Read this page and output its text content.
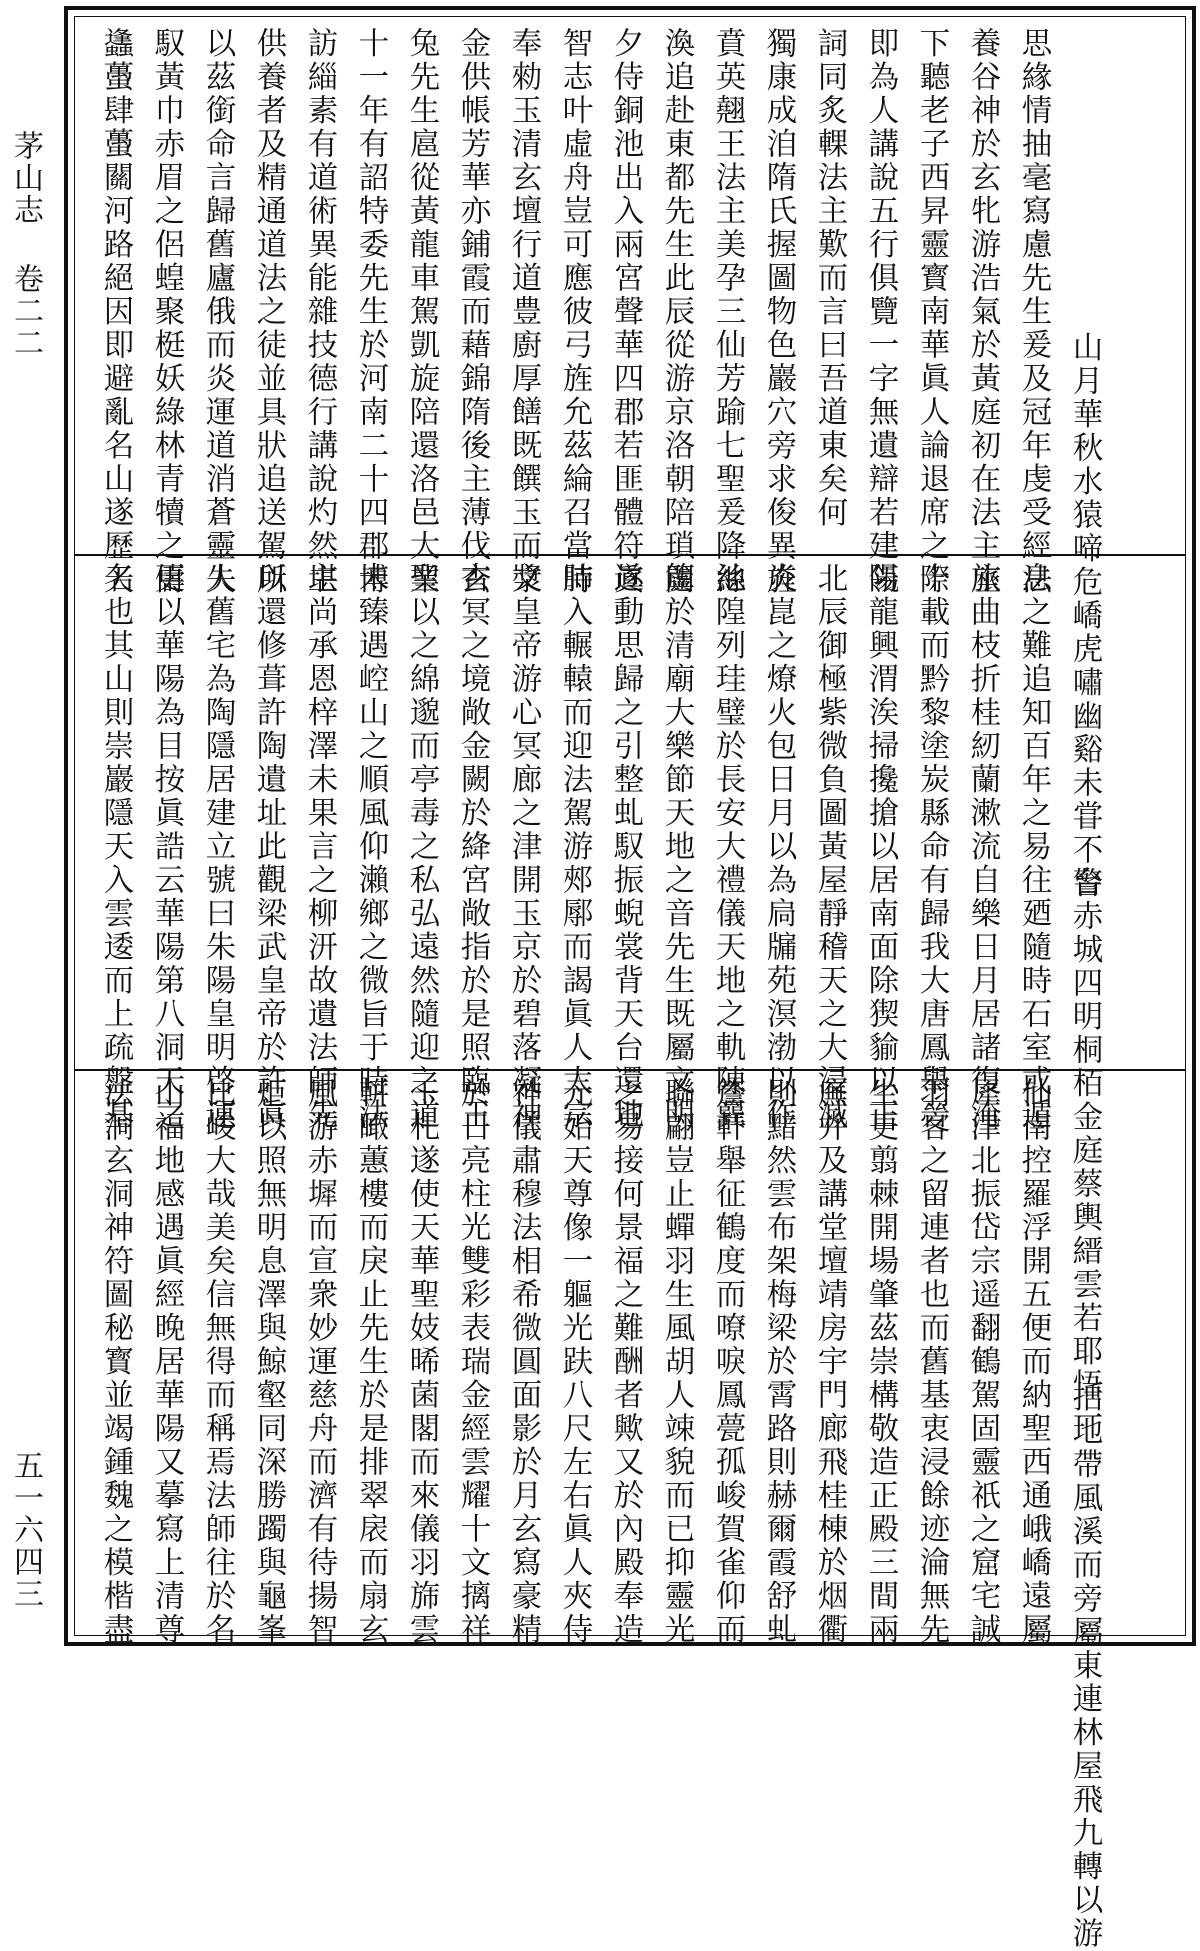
茅山志 卷二二
五一六四三

山月華秋水猿啼危嶠虎嘯幽谿未甞不警
思緣情抽毫寫慮先生爰及冠年虔受經法
養谷神於玄牝游浩氣於黃庭初在法主座
下聽老子西昇靈寳南華眞人論退席之際
即為人講說五行俱覽一字無遺辯若建瓴
詞同炙輠法主歎而言曰吾道東矣何
獨康成洎隋氏握圖物色巖穴旁求俊異旌
賁英翹王法主美孕三仙芳踰七聖爰降絲
渙追赴東都先生此辰從游京洛朝陪瑣闥
夕侍銅池出入兩宮聲華四郡若匪體符眞
智志叶虛舟豈可應彼弓旌允茲綸召當時
奉勑玉清玄壇行道豊廚厚饍既饌玉而漿
金供帳芳華亦鋪霞而藉錦隋後主薄伐玄
兔先生扈從黃龍車駕凱旋陪還洛邑大業
十一年有詔特委先生於河南二十四郡博
訪緇素有道術異能雜技德行講說灼然堪
供養者及精通道法之徒並具狀追送駕所
以茲銜命言歸舊廬俄而炎運道消蒼靈失
馭黃巾赤眉之侶蝗聚梃妖綠林青犢之儔
蠭蠆肆蠆關河路絕因即避亂名山遂歷天

台赤城四明桐栢金庭蔡輿縉雲若耶悟一
息之難追知百年之易往廼隨時石室或遁
旅曲枝折桂紉蘭漱流自樂日月居諸復淹
十載而黔黎塗炭縣命有歸我大唐鳳舉晉
陽龍興渭涘掃攙搶以居南面除猰貐以正
北辰御極紫微負圖黃屋靜稽天之大浸滅
炎崑之燎火包日月以為扃牖苑溟渤以作
池隍列珪璧於長安大禮儀天地之軌陳簨
簴於清廟大樂節天地之音先生既屬文明
遂動思歸之引整虬馭振蜺裳背天台還地
肺入輾轅而迎法駕游郟鄏而謁眞人太宗
文皇帝游心冥廊之津開玉京於碧落凝神
杳冥之境敞金闕於絳宮敞指於是照臨王
聖以之綿邈而亭毒之私弘遠然隨迎之道
未臻遇崆山之順風仰瀨鄉之微旨于時法
主尚承恩梓澤未果言之柳汧故遺法師先
以還修葺許陶遺址此觀梁武皇帝於許眞
人舊宅為陶隱居建立號曰朱陽皇明啓運
更以華陽為目按眞誥云華陽第八洞天之
名也其山則崇巖隱天入雲逶而上疏盤基

括地帶風溪而旁屬東連林屋飛九轉以游
仙南控羅浮開五便而納聖西通峨嶠遠屬
犀津北振岱宗遥翻鶴駕固靈祇之窟宅誠
羽客之留連者也而舊基衷浸餘迹淪無先
生更翦棘開場肇茲崇構敬造正殿三間兩
廡并及講堂壇靖房宇門廊飛桂棟於烟衢
則黯然雲布架梅梁於霄路則赫爾霞舒虬
簷軒舉征鶴度而嘹唳鳳甍孤峻賀雀仰而
聯翩豈止蟬羽生風胡人竦貌而已抑靈光
之易接何景福之難酬者歟又於內殿奉造
元始天尊像一軀光趺八尺左右眞人夾侍
神儀肅穆法相希微圓面影於月玄寫豪精
於日亮柱光雙彩表瑞金經雲耀十文摛祥
玉札遂使天華聖妓晞菌閣而來儀羽旆雲
輧瞰蕙樓而戾止先生於是排翠扆而扇玄
風游赤墀而宣衆妙運慈舟而濟有待揚智
炬以照無明息澤與鯨壑同深勝躅與龜峯
比峻大哉美矣信無得而稱焉法師往於名
山福地感遇眞經晚居華陽又摹寫上清尊
法洞玄洞神符圖秘寳並竭鍾魏之模楷盡
